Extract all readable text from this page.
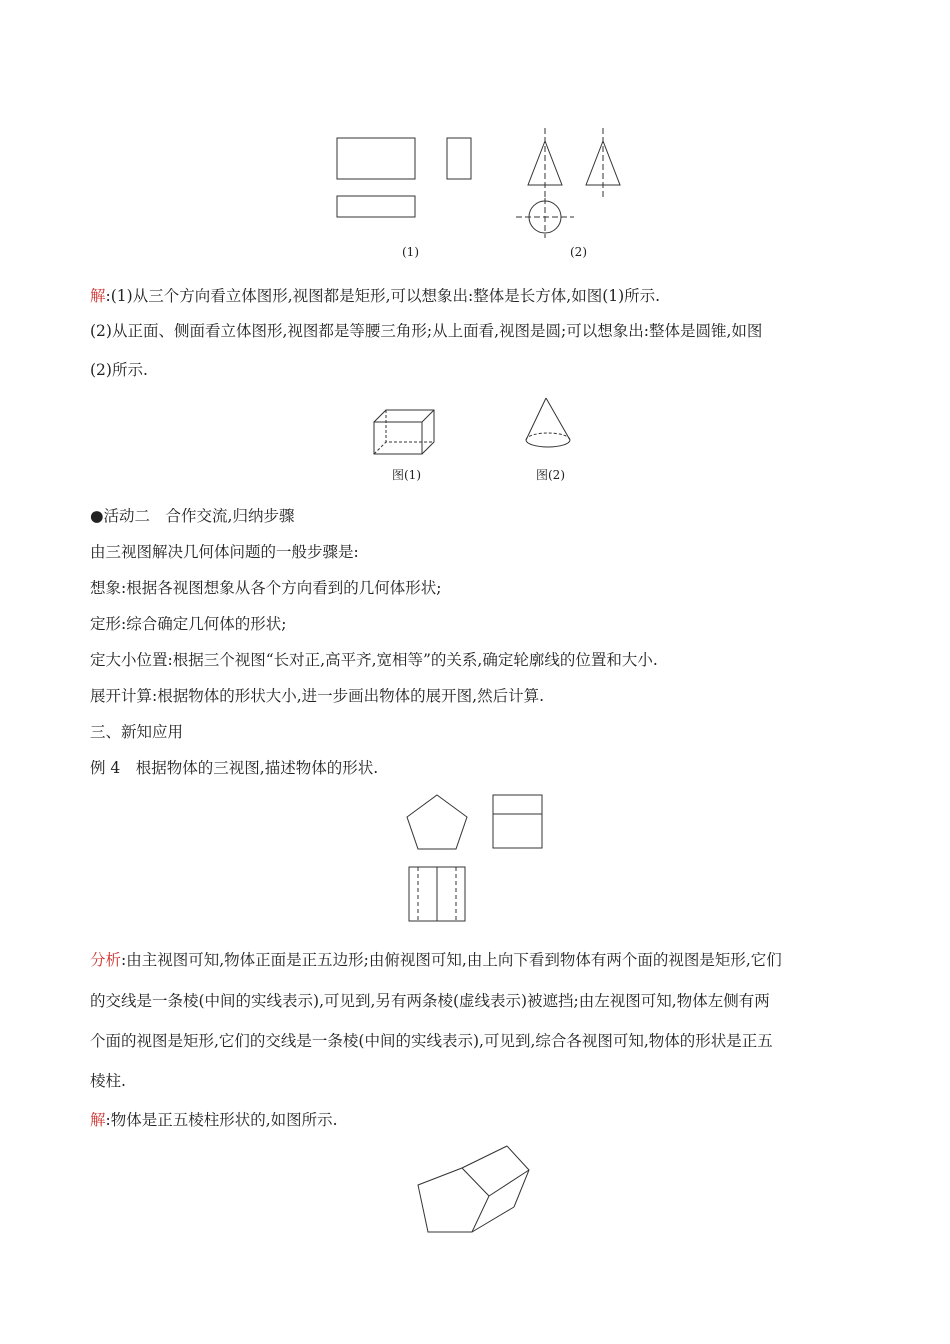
(1)	(2)
解:(1)从三个方向看立体图形,视图都是矩形,可以想象出:整体是长方体,如图(1)所示.
(2)从正面、侧面看立体图形,视图都是等腰三角形;从上面看,视图是圆;可以想象出:整体是圆锥,如图
(2)所示.
图(1)	图(2)
●活动二　合作交流,归纳步骤
由三视图解决几何体问题的一般步骤是:
想象:根据各视图想象从各个方向看到的几何体形状;
定形:综合确定几何体的形状;
定大小位置:根据三个视图“长对正,高平齐,宽相等”的关系,确定轮廓线的位置和大小.
展开计算:根据物体的形状大小,进一步画出物体的展开图,然后计算.
三、新知应用
例 4　根据物体的三视图,描述物体的形状.
分析:由主视图可知,物体正面是正五边形;由俯视图可知,由上向下看到物体有两个面的视图是矩形,它们
的交线是一条棱(中间的实线表示),可见到,另有两条棱(虚线表示)被遮挡;由左视图可知,物体左侧有两
个面的视图是矩形,它们的交线是一条棱(中间的实线表示),可见到,综合各视图可知,物体的形状是正五
棱柱.
解:物体是正五棱柱形状的,如图所示.
